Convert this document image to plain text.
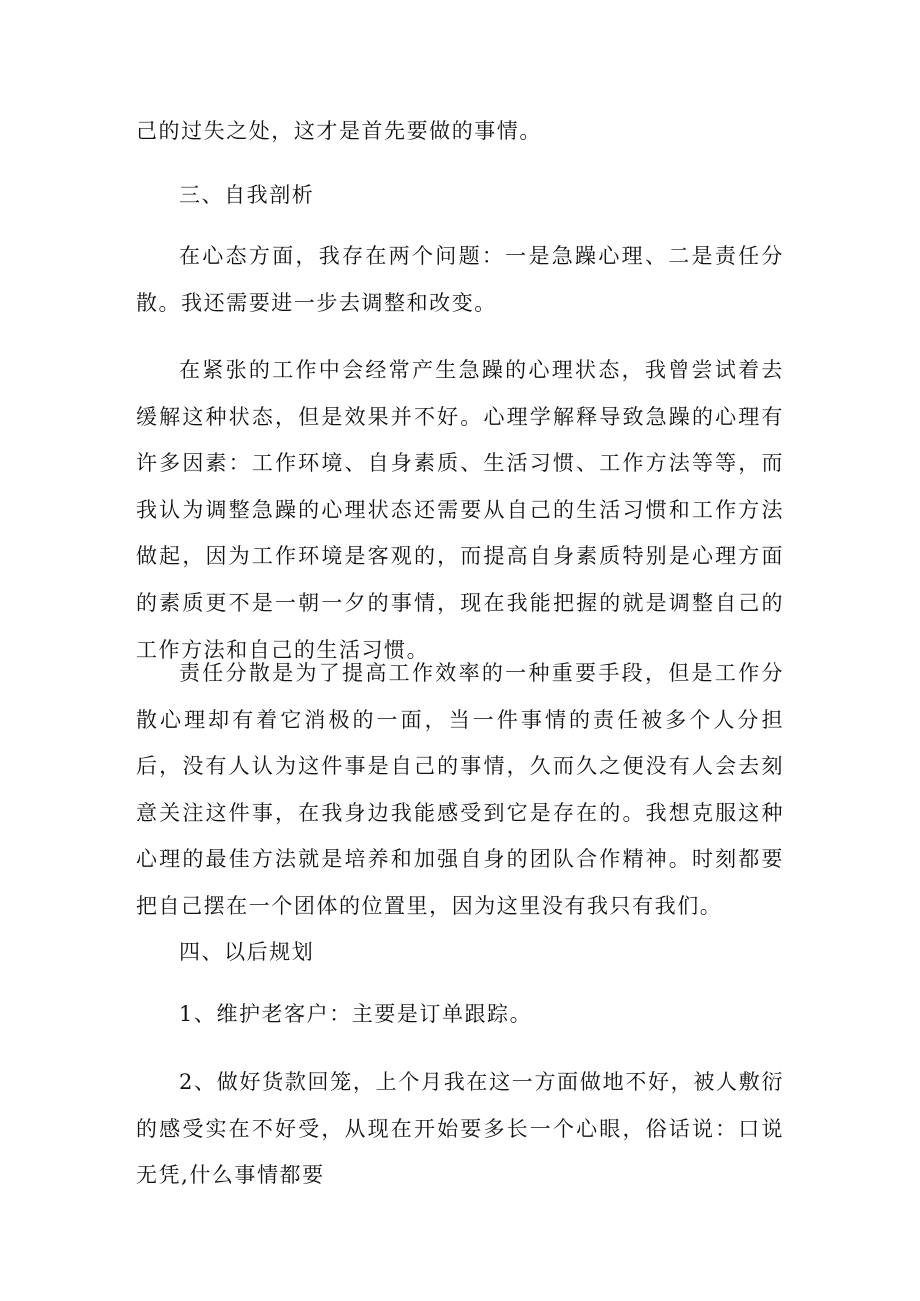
己的过失之处，这才是首先要做的事情。

三、自我剖析

在心态方面，我存在两个问题：一是急躁心理、二是责任分散。我还需要进一步去调整和改变。

在紧张的工作中会经常产生急躁的心理状态，我曾尝试着去缓解这种状态，但是效果并不好。心理学解释导致急躁的心理有许多因素：工作环境、自身素质、生活习惯、工作方法等等，而我认为调整急躁的心理状态还需要从自己的生活习惯和工作方法做起，因为工作环境是客观的，而提高自身素质特别是心理方面的素质更不是一朝一夕的事情，现在我能把握的就是调整自己的工作方法和自己的生活习惯。

责任分散是为了提高工作效率的一种重要手段，但是工作分散心理却有着它消极的一面，当一件事情的责任被多个人分担后，没有人认为这件事是自己的事情，久而久之便没有人会去刻意关注这件事，在我身边我能感受到它是存在的。我想克服这种心理的最佳方法就是培养和加强自身的团队合作精神。时刻都要把自己摆在一个团体的位置里，因为这里没有我只有我们。

四、以后规划

1、维护老客户：主要是订单跟踪。

2、做好货款回笼，上个月我在这一方面做地不好，被人敷衍的感受实在不好受，从现在开始要多长一个心眼，俗话说：口说无凭,什么事情都要
